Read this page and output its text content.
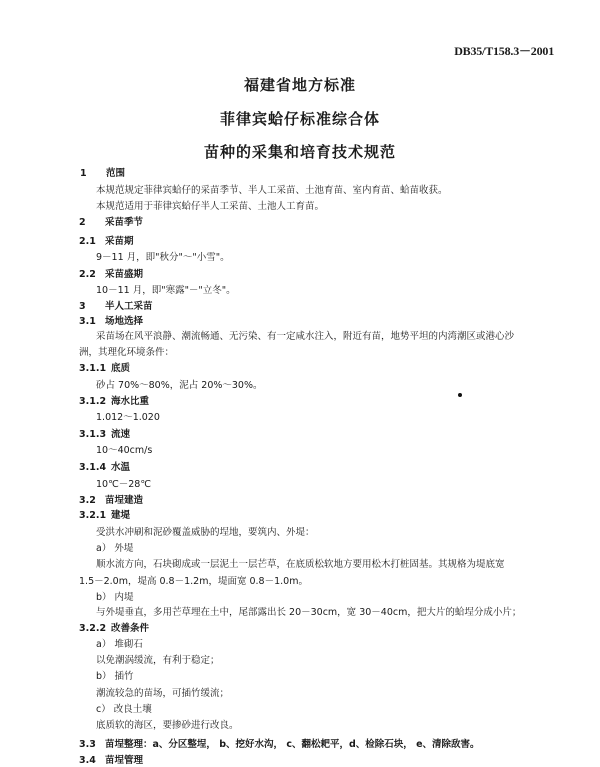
DB35/T158.3－2001
福建省地方标准
菲律宾蛤仔标准综合体
苗种的采集和培育技术规范
1 范围
本规范规定菲律宾蛤仔的采苗季节、半人工采苗、土池育苗、室内育苗、蛤苗收获。
本规范适用于菲律宾蛤仔半人工采苗、土池人工育苗。
2 采苗季节
2.1 采苗期
9－11 月，即"秋分"～"小雪"。
2.2 采苗盛期
10－11 月，即"寒露"－"立冬"。
3 半人工采苗
3.1 场地选择
采苗场在风平浪静、潮流畅通、无污染、有一定咸水注入，附近有苗，地势平坦的内湾潮区或港心沙
洲，其理化环境条件：
3.1.1 底质
砂占 70%～80%，泥占 20%～30%。
3.1.2 海水比重
1.012～1.020
3.1.3 流速
10～40cm/s
3.1.4 水温
10℃－28℃
3.2 苗埕建造
3.2.1 建堤
受洪水冲刷和泥砂覆盖威胁的埕地，要筑内、外堤：
a） 外堤
顺水流方向，石块砌成或一层泥土一层芒草，在底质松软地方要用松木打桩固基。其规格为堤底宽
1.5－2.0m，堤高 0.8－1.2m，堤面宽 0.8－1.0m。
b） 内堤
与外堤垂直，多用芒草埋在土中，尾部露出长 20－30cm，宽 30－40cm，把大片的蛤埕分成小片；
3.2.2 改善条件
a） 堆砌石
以免潮涡缓流，有利于稳定；
b） 插竹
潮流较急的苗场，可插竹缓流；
c） 改良土壤
底质软的海区，要掺砂进行改良。
3.3 苗埕整理：a、分区整埕， b、挖好水沟， c、翻松耙平，d、检除石块， e、清除敌害。
3.4 苗埕管理
